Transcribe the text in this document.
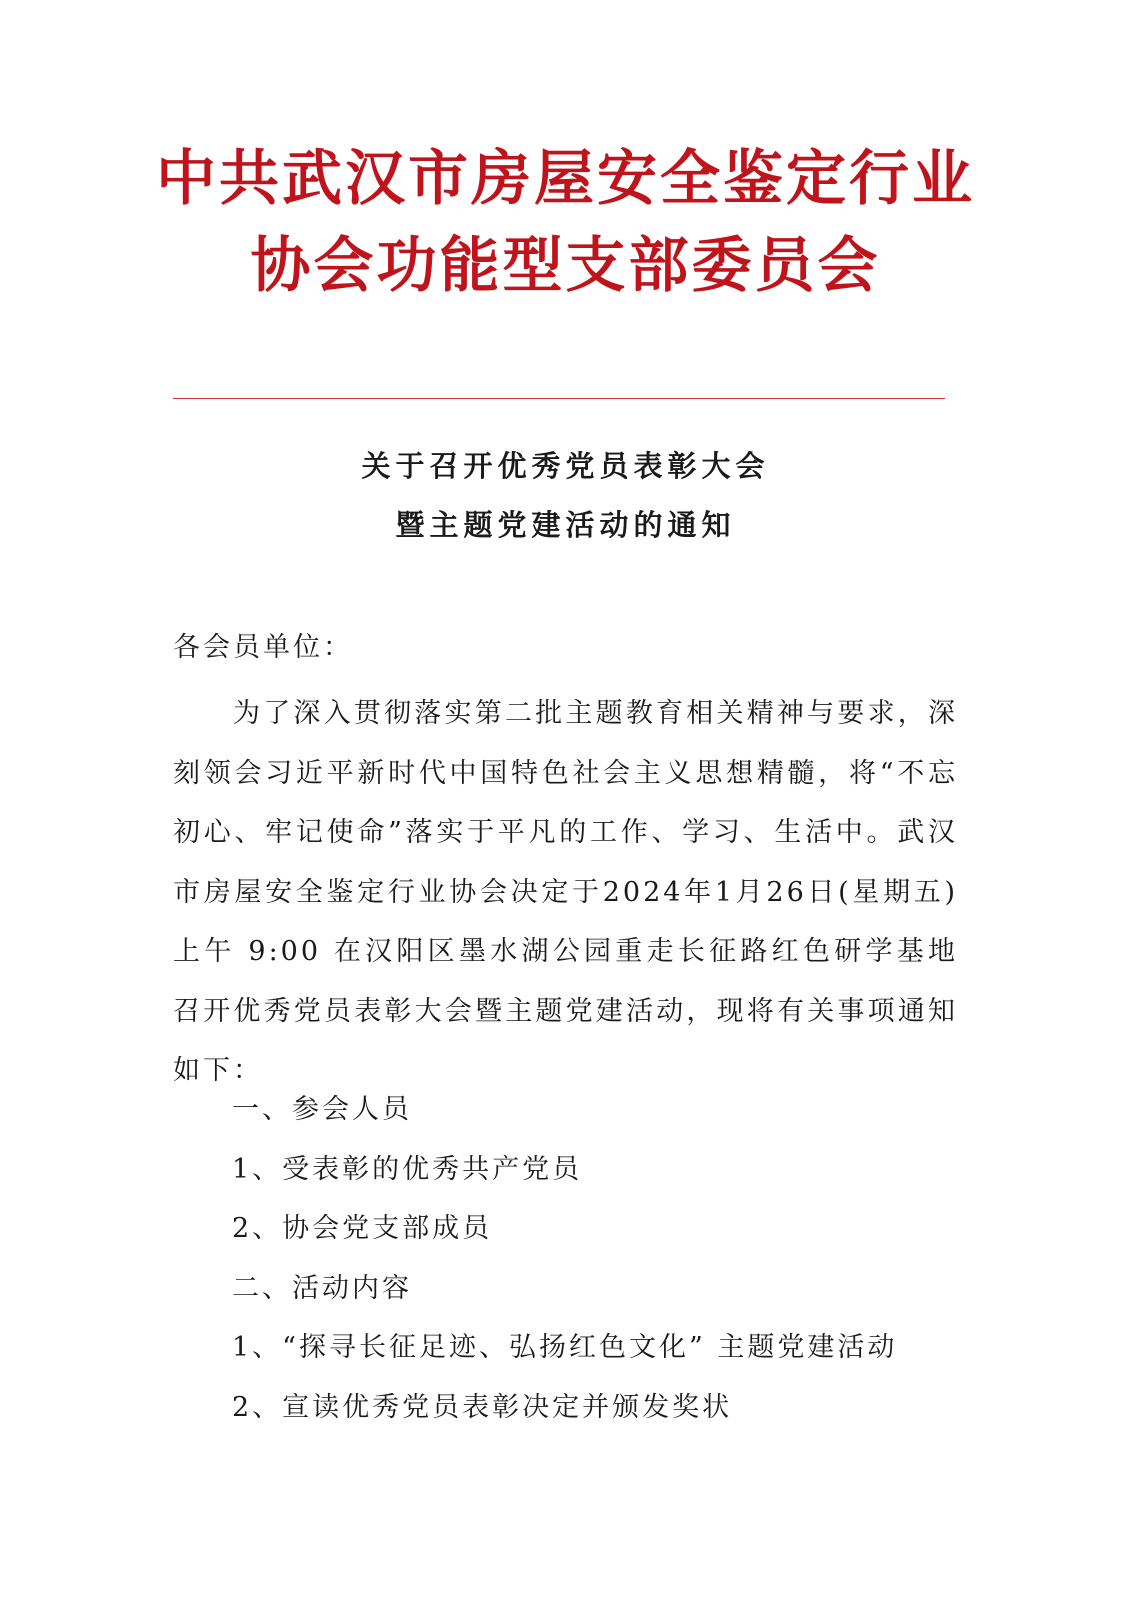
中共武汉市房屋安全鉴定行业
协会功能型支部委员会
关于召开优秀党员表彰大会
暨主题党建活动的通知
各会员单位：

为了深入贯彻落实第二批主题教育相关精神与要求，深刻领会习近平新时代中国特色社会主义思想精髓，将“不忘初心、牢记使命”落实于平凡的工作、学习、生活中。武汉市房屋安全鉴定行业协会决定于2024年1月26日(星期五)上午 9:00 在汉阳区墨水湖公园重走长征路红色研学基地召开优秀党员表彰大会暨主题党建活动，现将有关事项通知如下：

一、参会人员
1、受表彰的优秀共产党员
2、协会党支部成员
二、活动内容
1、“探寻长征足迹、弘扬红色文化” 主题党建活动
2、宣读优秀党员表彰决定并颁发奖状
